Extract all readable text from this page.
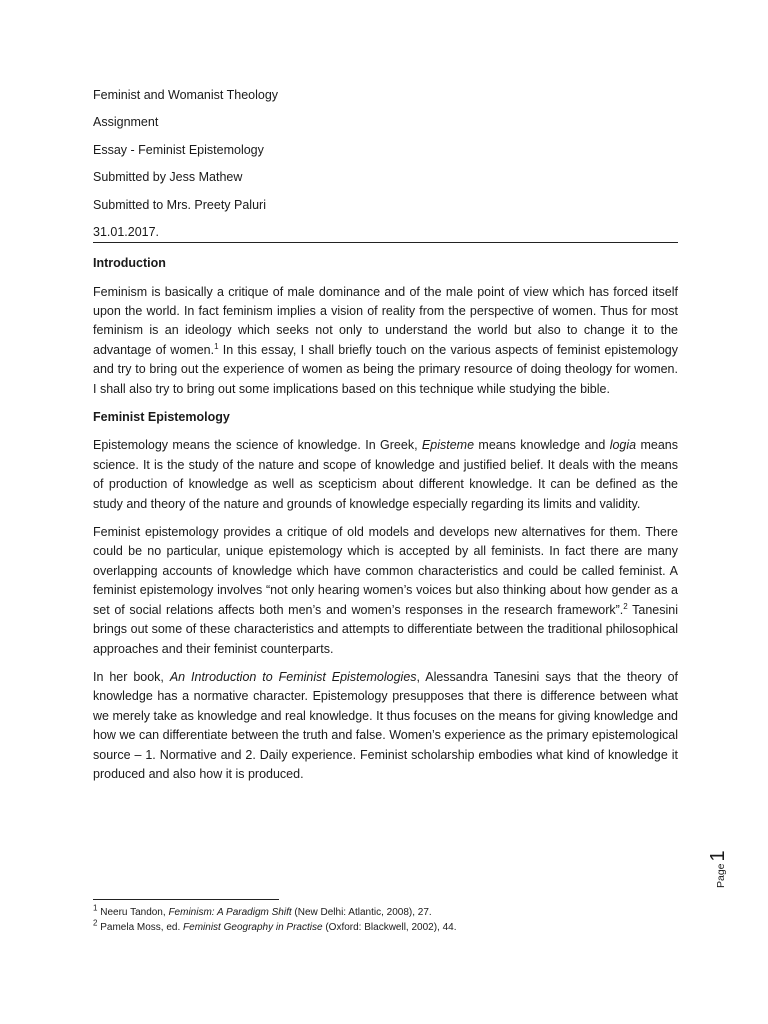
Feminist and Womanist Theology
Assignment
Essay - Feminist Epistemology
Submitted by Jess Mathew
Submitted to Mrs. Preety Paluri
31.01.2017.
Introduction

Feminism is basically a critique of male dominance and of the male point of view which has forced itself upon the world. In fact feminism implies a vision of reality from the perspective of women. Thus for most feminism is an ideology which seeks not only to understand the world but also to change it to the advantage of women.$^1$ In this essay, I shall briefly touch on the various aspects of feminist epistemology and try to bring out the experience of women as being the primary resource of doing theology for women. I shall also try to bring out some implications based on this technique while studying the bible.

Feminist Epistemology

Epistemology means the science of knowledge. In Greek, Episteme means knowledge and logia means science. It is the study of the nature and scope of knowledge and justified belief. It deals with the means of production of knowledge as well as scepticism about different knowledge. It can be defined as the study and theory of the nature and grounds of knowledge especially regarding its limits and validity.

Feminist epistemology provides a critique of old models and develops new alternatives for them. There could be no particular, unique epistemology which is accepted by all feminists. In fact there are many overlapping accounts of knowledge which have common characteristics and could be called feminist. A feminist epistemology involves “not only hearing women’s voices but also thinking about how gender as a set of social relations affects both men’s and women’s responses in the research framework”.$^2$ Tanesini brings out some of these characteristics and attempts to differentiate between the traditional philosophical approaches and their feminist counterparts.

In her book, An Introduction to Feminist Epistemologies, Alessandra Tanesini says that the theory of knowledge has a normative character. Epistemology presupposes that there is difference between what we merely take as knowledge and real knowledge. It thus focuses on the means for giving knowledge and how we can differentiate between the truth and false. Women’s experience as the primary epistemological source – 1. Normative and 2. Daily experience. Feminist scholarship embodies what kind of knowledge it produced and also how it is produced.

Page1
$^1$ Neeru Tandon, Feminism: A Paradigm Shift (New Delhi: Atlantic, 2008), 27.
$^2$ Pamela Moss, ed. Feminist Geography in Practise (Oxford: Blackwell, 2002), 44.
